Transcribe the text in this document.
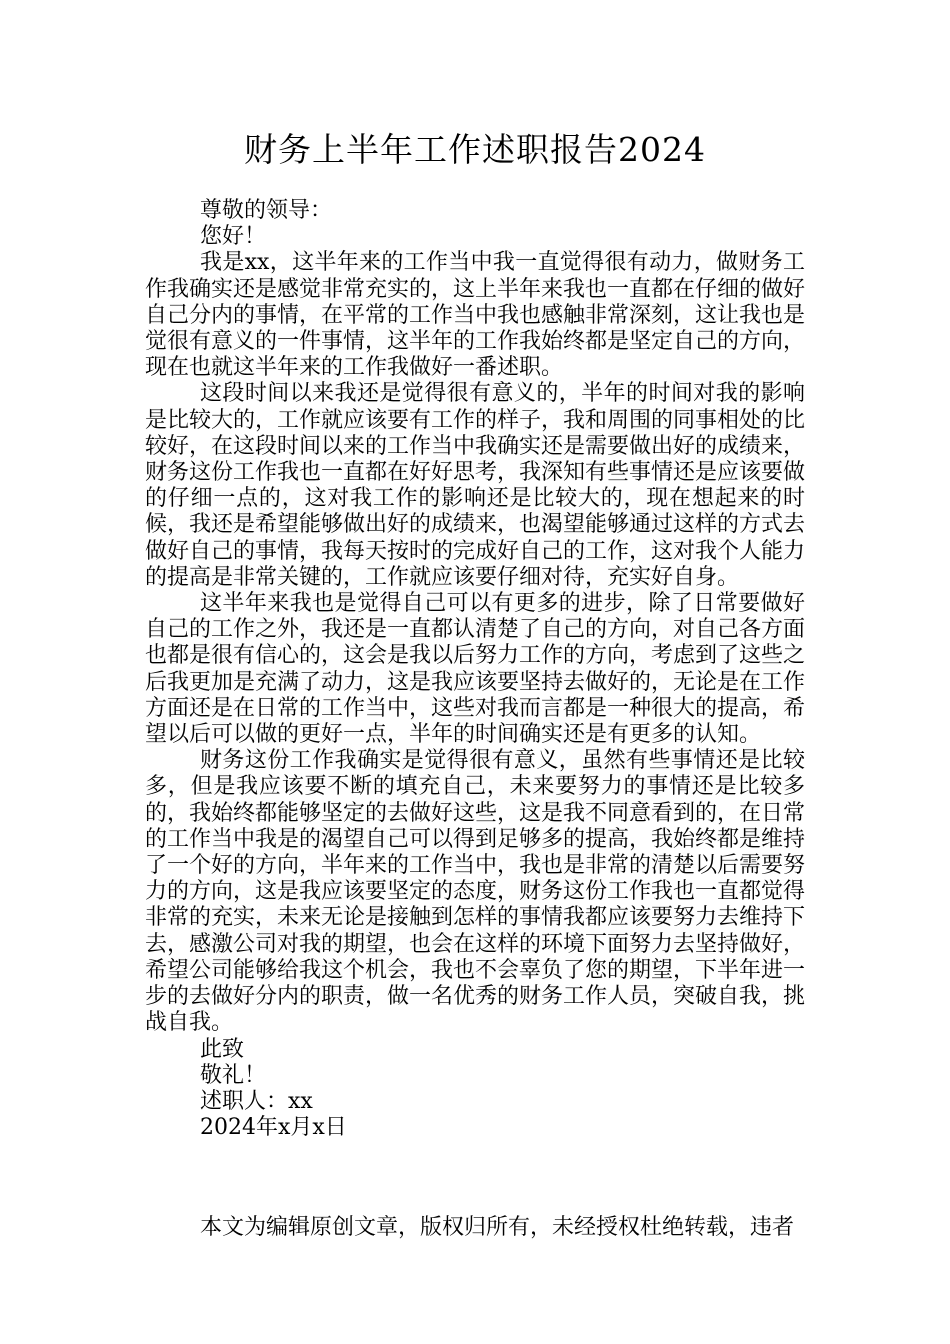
财务上半年工作述职报告2024

尊敬的领导：

您好！

我是xx，这半年来的工作当中我一直觉得很有动力，做财务工作我确实还是感觉非常充实的，这上半年来我也一直都在仔细的做好自己分内的事情，在平常的工作当中我也感触非常深刻，这让我也是觉很有意义的一件事情，这半年的工作我始终都是坚定自己的方向，现在也就这半年来的工作我做好一番述职。

这段时间以来我还是觉得很有意义的，半年的时间对我的影响是比较大的，工作就应该要有工作的样子，我和周围的同事相处的比较好，在这段时间以来的工作当中我确实还是需要做出好的成绩来，财务这份工作我也一直都在好好思考，我深知有些事情还是应该要做的仔细一点的，这对我工作的影响还是比较大的，现在想起来的时候，我还是希望能够做出好的成绩来，也渴望能够通过这样的方式去做好自己的事情，我每天按时的完成好自己的工作，这对我个人能力的提高是非常关键的，工作就应该要仔细对待，充实好自身。

这半年来我也是觉得自己可以有更多的进步，除了日常要做好自己的工作之外，我还是一直都认清楚了自己的方向，对自己各方面也都是很有信心的，这会是我以后努力工作的方向，考虑到了这些之后我更加是充满了动力，这是我应该要坚持去做好的，无论是在工作方面还是在日常的工作当中，这些对我而言都是一种很大的提高，希望以后可以做的更好一点，半年的时间确实还是有更多的认知。

财务这份工作我确实是觉得很有意义，虽然有些事情还是比较多，但是我应该要不断的填充自己，未来要努力的事情还是比较多的，我始终都能够坚定的去做好这些，这是我不同意看到的，在日常的工作当中我是的渴望自己可以得到足够多的提高，我始终都是维持了一个好的方向，半年来的工作当中，我也是非常的清楚以后需要努力的方向，这是我应该要坚定的态度，财务这份工作我也一直都觉得非常的充实，未来无论是接触到怎样的事情我都应该要努力去维持下去，感激公司对我的期望，也会在这样的环境下面努力去坚持做好，希望公司能够给我这个机会，我也不会辜负了您的期望，下半年进一步的去做好分内的职责，做一名优秀的财务工作人员，突破自我，挑战自我。

此致

敬礼！

述职人：xx

2024年x月x日

本文为编辑原创文章，版权归所有，未经授权杜绝转载，违者
